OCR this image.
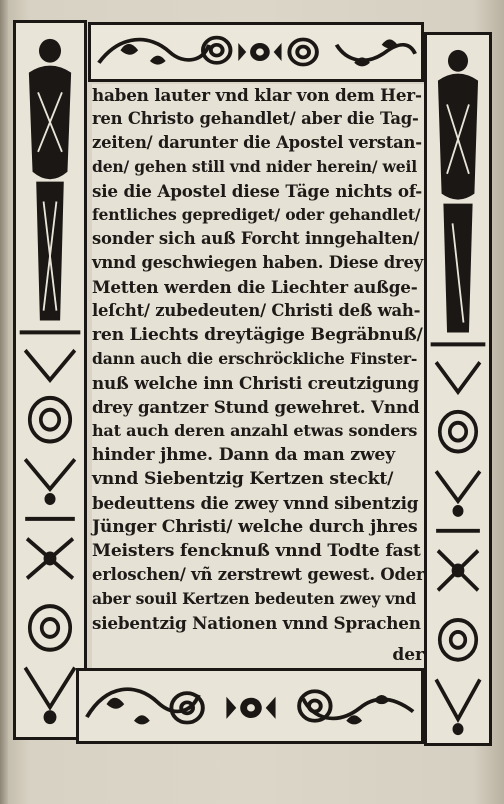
haben lauter vnd klar von dem Her-
ren Christo gehandlet/ aber die Tag-
zeiten/ darunter die Apostel verstan-
den/ gehen still vnd nider herein/ weil
sie die Apostel diese Täge nichts of-
fentliches geprediget/ oder gehandlet/
sonder sich auß Forcht inngehalten/
vnnd geschwiegen haben. Diese drey
Metten werden die Liechter außge-
leſcht/ zubedeuten/ Christi deß wah-
ren Liechts dreytägige Begräbnuß/
dann auch die erschröckliche Finster-
nuß welche inn Christi creutzigung
drey gantzer Stund gewehret. Vnnd
hat auch deren anzahl etwas sonders
hinder jhme. Dann da man zwey
vnnd Siebentzig Kertzen steckt/
bedeuttens die zwey vnnd sibentzig
Jünger Christi/ welche durch jhres
Meisters fencknuß vnnd Todte fast
erloschen/ vñ zerstrewt gewest. Oder
aber souil Kertzen bedeuten zwey vnd
siebentzig Nationen vnnd Sprachen
der
